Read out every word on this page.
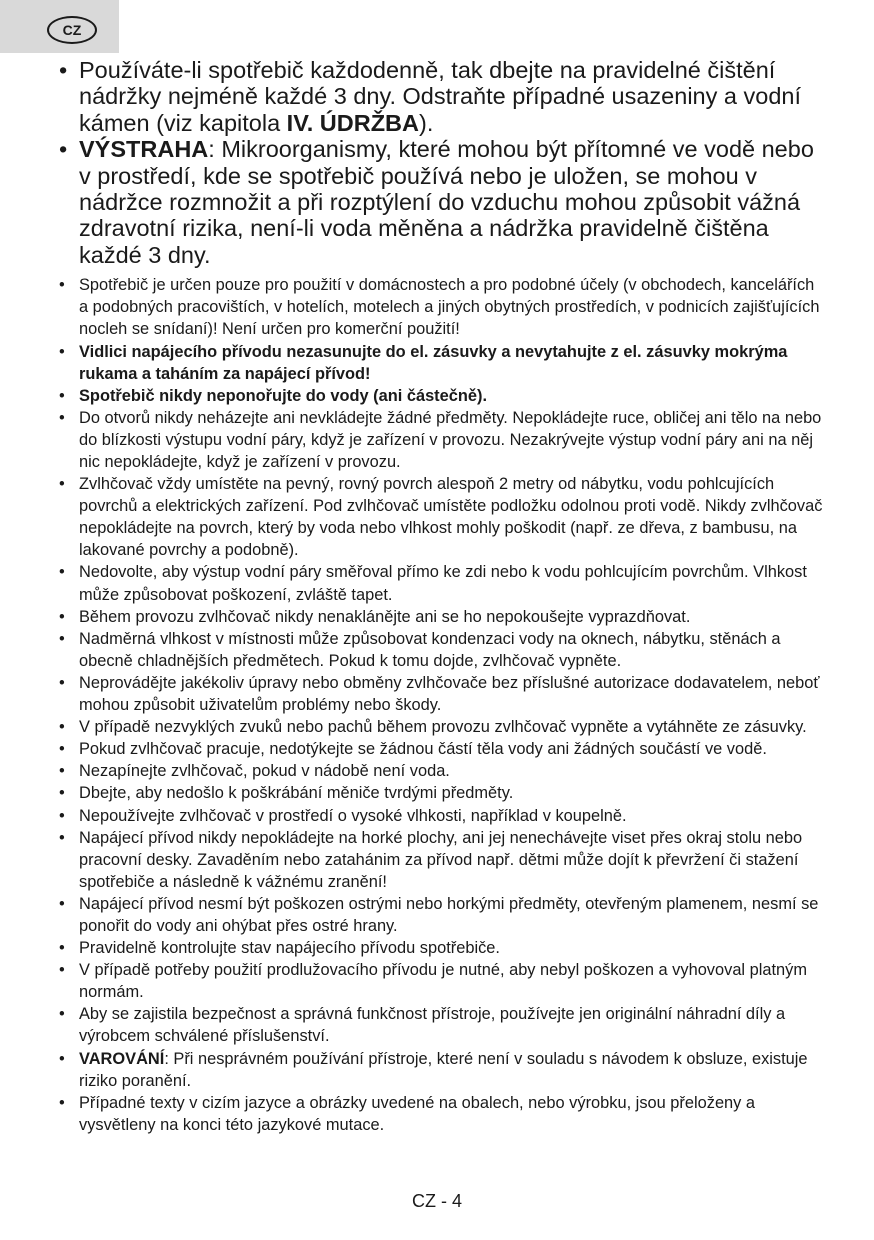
CZ
• Používáte-li spotřebič každodenně, tak dbejte na pravidelné čištění nádržky nejméně každé 3 dny. Odstraňte případné usazeniny a vodní kámen (viz kapitola IV. ÚDRŽBA).
• VÝSTRAHA: Mikroorganismy, které mohou být přítomné ve vodě nebo v prostředí, kde se spotřebič používá nebo je uložen, se mohou v nádržce rozmnožit a při rozptýlení do vzduchu mohou způsobit vážná zdravotní rizika, není-li voda měněna a nádržka pravidelně čištěna každé 3 dny.
• Spotřebič je určen pouze pro použití v domácnostech a pro podobné účely (v obchodech, kancelářích a podobných pracovištích, v hotelích, motelech a jiných obytných prostředích, v podnicích zajišťujících nocleh se snídaní)! Není určen pro komerční použití!
• Vidlici napájecího přívodu nezasunujte do el. zásuvky a nevytahujte z el. zásuvky mokrýma rukama a taháním za napájecí přívod!
• Spotřebič nikdy neponořujte do vody (ani částečně).
• Do otvorů nikdy neházejte ani nevkládejte žádné předměty. Nepokládejte ruce, obličej ani tělo na nebo do blízkosti výstupu vodní páry, když je zařízení v provozu. Nezakrývejte výstup vodní páry ani na něj nic nepokládejte, když je zařízení v provozu.
• Zvlhčovač vždy umístěte na pevný, rovný povrch alespoň 2 metry od nábytku, vodu pohlcujících povrchů a elektrických zařízení. Pod zvlhčovač umístěte podložku odolnou proti vodě. Nikdy zvlhčovač nepokládejte na povrch, který by voda nebo vlhkost mohly poškodit (např. ze dřeva, z bambusu, na lakované povrchy a podobně).
• Nedovolte, aby výstup vodní páry směřoval přímo ke zdi nebo k vodu pohlcujícím povrchům. Vlhkost může způsobovat poškození, zvláště tapet.
• Během provozu zvlhčovač nikdy nenaklánějte ani se ho nepokoušejte vyprazdňovat.
• Nadměrná vlhkost v místnosti může způsobovat kondenzaci vody na oknech, nábytku, stěnách a obecně chladnějších předmětech. Pokud k tomu dojde, zvlhčovač vypněte.
• Neprovádějte jakékoliv úpravy nebo obměny zvlhčovače bez příslušné autorizace dodavatelem, neboť mohou způsobit uživatelům problémy nebo škody.
• V případě nezvyklých zvuků nebo pachů během provozu zvlhčovač vypněte a vytáhněte ze zásuvky.
• Pokud zvlhčovač pracuje, nedotýkejte se žádnou částí těla vody ani žádných součástí ve vodě.
• Nezapínejte zvlhčovač, pokud v nádobě není voda.
• Dbejte, aby nedošlo k poškrábání měniče tvrdými předměty.
• Nepoužívejte zvlhčovač v prostředí o vysoké vlhkosti, například v koupelně.
• Napájecí přívod nikdy nepokládejte na horké plochy, ani jej nenechávejte viset přes okraj stolu nebo pracovní desky. Zavaděním nebo zatahánim za přívod např. dětmi může dojít k převržení či stažení spotřebiče a následně k vážnému zranění!
• Napájecí přívod nesmí být poškozen ostrými nebo horkými předměty, otevřeným plamenem, nesmí se ponořit do vody ani ohýbat přes ostré hrany.
• Pravidelně kontrolujte stav napájecího přívodu spotřebiče.
• V případě potřeby použití prodlužovacího přívodu je nutné, aby nebyl poškozen a vyhovoval platným normám.
• Aby se zajistila bezpečnost a správná funkčnost přístroje, používejte jen originální náhradní díly a výrobcem schválené příslušenství.
• VAROVÁNÍ: Při nesprávném používání přístroje, které není v souladu s návodem k obsluze, existuje riziko poranění.
• Případné texty v cizím jazyce a obrázky uvedené na obalech, nebo výrobku, jsou přeloženy a vysvětleny na konci této jazykové mutace.
CZ - 4
